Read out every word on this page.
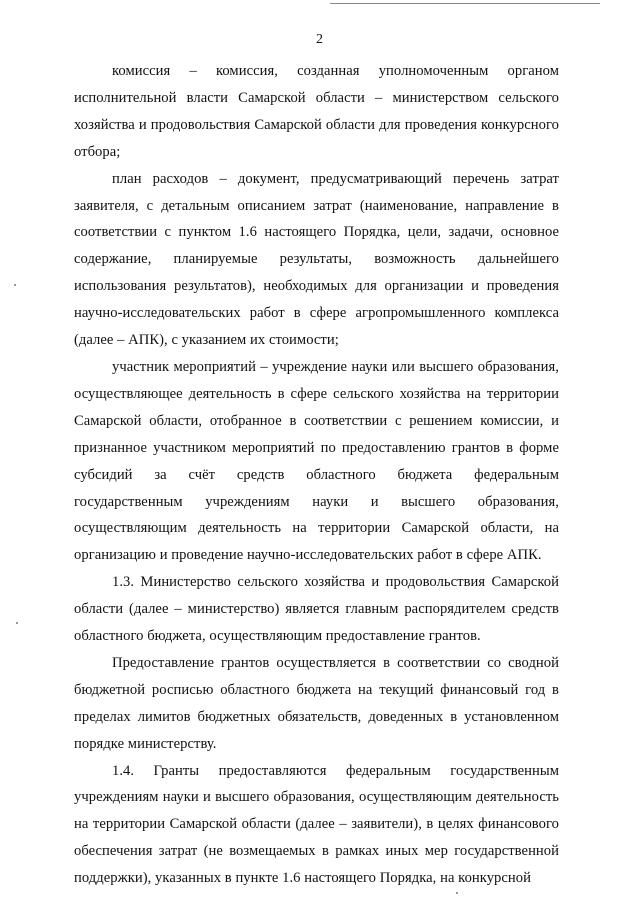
2

комиссия – комиссия, созданная уполномоченным органом исполнительной власти Самарской области – министерством сельского хозяйства и продовольствия Самарской области для проведения конкурсного отбора;

план расходов – документ, предусматривающий перечень затрат заявителя, с детальным описанием затрат (наименование, направление в соответствии с пунктом 1.6 настоящего Порядка, цели, задачи, основное содержание, планируемые результаты, возможность дальнейшего использования результатов), необходимых для организации и проведения научно-исследовательских работ в сфере агропромышленного комплекса (далее – АПК), с указанием их стоимости;

участник мероприятий – учреждение науки или высшего образования, осуществляющее деятельность в сфере сельского хозяйства на территории Самарской области, отобранное в соответствии с решением комиссии, и признанное участником мероприятий по предоставлению грантов в форме субсидий за счёт средств областного бюджета федеральным государственным учреждениям науки и высшего образования, осуществляющим деятельность на территории Самарской области, на организацию и проведение научно-исследовательских работ в сфере АПК.

1.3. Министерство сельского хозяйства и продовольствия Самарской области (далее – министерство) является главным распорядителем средств областного бюджета, осуществляющим предоставление грантов.

Предоставление грантов осуществляется в соответствии со сводной бюджетной росписью областного бюджета на текущий финансовый год в пределах лимитов бюджетных обязательств, доведенных в установленном порядке министерству.

1.4. Гранты предоставляются федеральным государственным учреждениям науки и высшего образования, осуществляющим деятельность на территории Самарской области (далее – заявители), в целях финансового обеспечения затрат (не возмещаемых в рамках иных мер государственной поддержки), указанных в пункте 1.6 настоящего Порядка, на конкурсной
